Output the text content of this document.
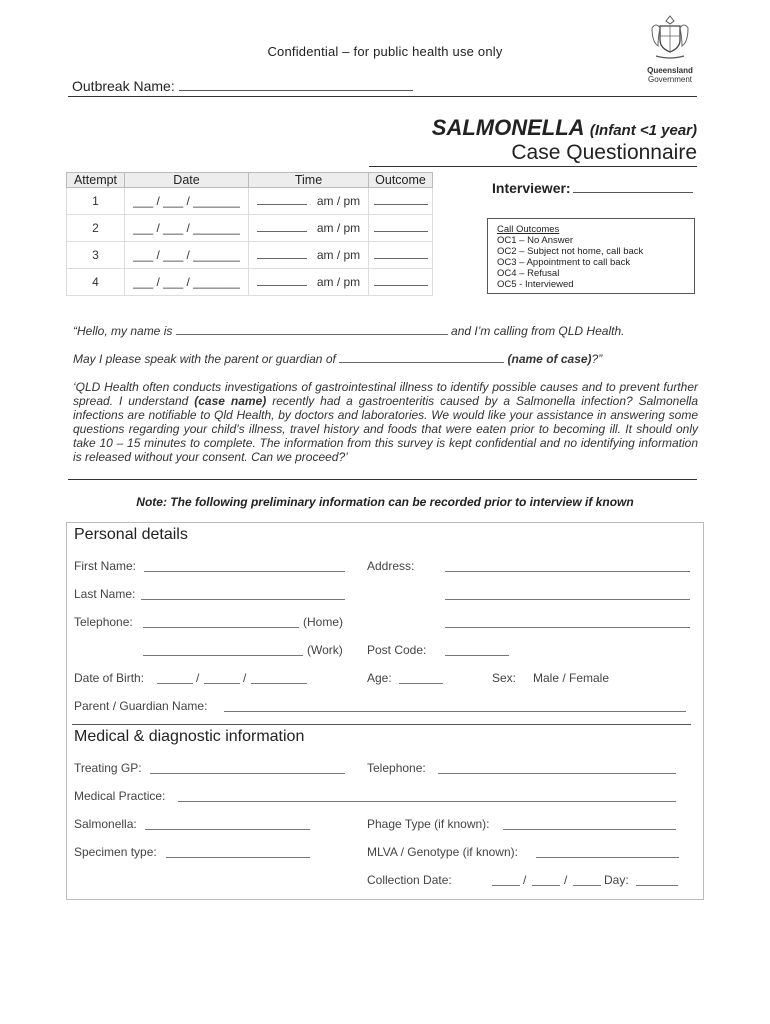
Confidential – for public health use only
Queensland
Government
Outbreak Name:
SALMONELLA (Infant <1 year)
Case Questionnaire
Attempt	Date	Time	Outcome
1	___ / ___ / _______	am / pm	
2	___ / ___ / _______	am / pm	
3	___ / ___ / _______	am / pm	
4	___ / ___ / _______	am / pm	
Interviewer:
Call Outcomes
OC1 – No Answer
OC2 – Subject not home, call back
OC3 – Appointment to call back
OC4 – Refusal
OC5 - Interviewed
“Hello, my name is	and I’m calling from QLD Health.
May I please speak with the parent or guardian of	(name of case)?”
‘QLD Health often conducts investigations of gastrointestinal illness to identify possible causes and to prevent further spread. I understand (case name) recently had a gastroenteritis caused by a Salmonella infection? Salmonella infections are notifiable to Qld Health, by doctors and laboratories. We would like your assistance in answering some questions regarding your child’s illness, travel history and foods that were eaten prior to becoming ill. It should only take 10 – 15 minutes to complete. The information from this survey is kept confidential and no identifying information is released without your consent. Can we proceed?’
Note: The following preliminary information can be recorded prior to interview if known
Personal details
First Name:	Address:
Last Name:
Telephone:	(Home)
(Work) Post Code:
Date of Birth:	/	/	Age:	Sex: Male / Female
Parent / Guardian Name:
Medical & diagnostic information
Treating GP:	Telephone:
Medical Practice:
Salmonella:	Phage Type (if known):
Specimen type:	MLVA / Genotype (if known):
Collection Date:	/	/	Day:
